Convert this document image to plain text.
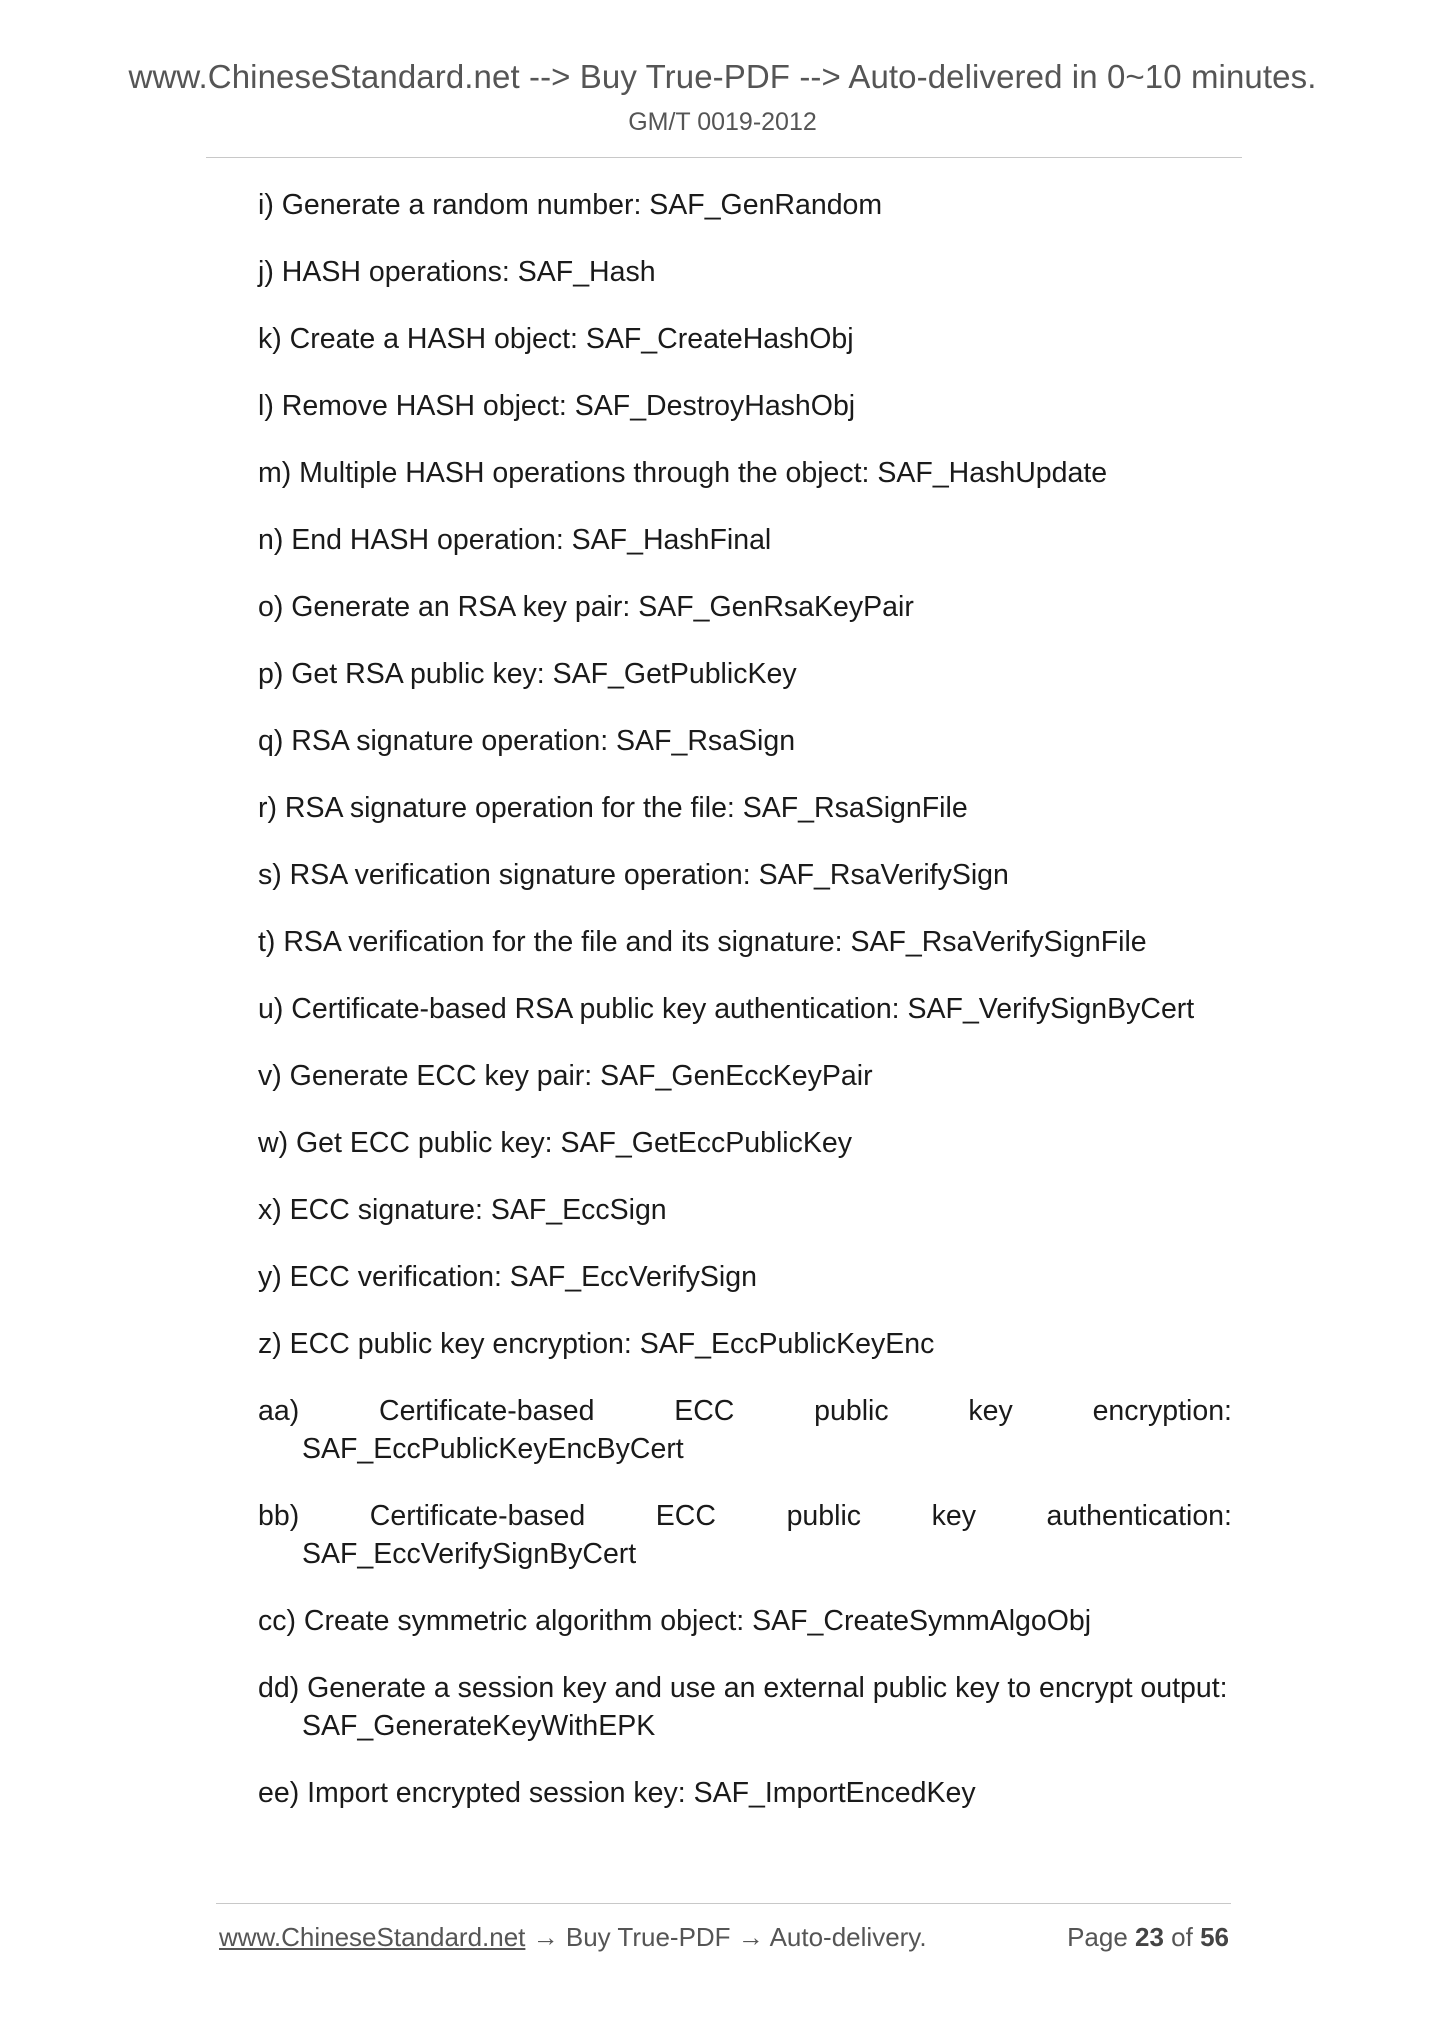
www.ChineseStandard.net --> Buy True-PDF --> Auto-delivered in 0~10 minutes.
GM/T 0019-2012
i) Generate a random number: SAF_GenRandom
j) HASH operations: SAF_Hash
k) Create a HASH object: SAF_CreateHashObj
l) Remove HASH object: SAF_DestroyHashObj
m) Multiple HASH operations through the object: SAF_HashUpdate
n) End HASH operation: SAF_HashFinal
o) Generate an RSA key pair: SAF_GenRsaKeyPair
p) Get RSA public key: SAF_GetPublicKey
q) RSA signature operation: SAF_RsaSign
r) RSA signature operation for the file: SAF_RsaSignFile
s) RSA verification signature operation: SAF_RsaVerifySign
t) RSA verification for the file and its signature: SAF_RsaVerifySignFile
u) Certificate-based RSA public key authentication: SAF_VerifySignByCert
v) Generate ECC key pair: SAF_GenEccKeyPair
w) Get ECC public key: SAF_GetEccPublicKey
x) ECC signature: SAF_EccSign
y) ECC verification: SAF_EccVerifySign
z) ECC public key encryption: SAF_EccPublicKeyEnc
aa)	Certificate-based	ECC	public	key	encryption:
SAF_EccPublicKeyEncByCert
bb) Certificate-based ECC public key authentication:
SAF_EccVerifySignByCert
cc) Create symmetric algorithm object: SAF_CreateSymmAlgoObj
dd) Generate a session key and use an external public key to encrypt output:
SAF_GenerateKeyWithEPK
ee) Import encrypted session key: SAF_ImportEncedKey
www.ChineseStandard.net → Buy True-PDF → Auto-delivery.	Page 23 of 56
